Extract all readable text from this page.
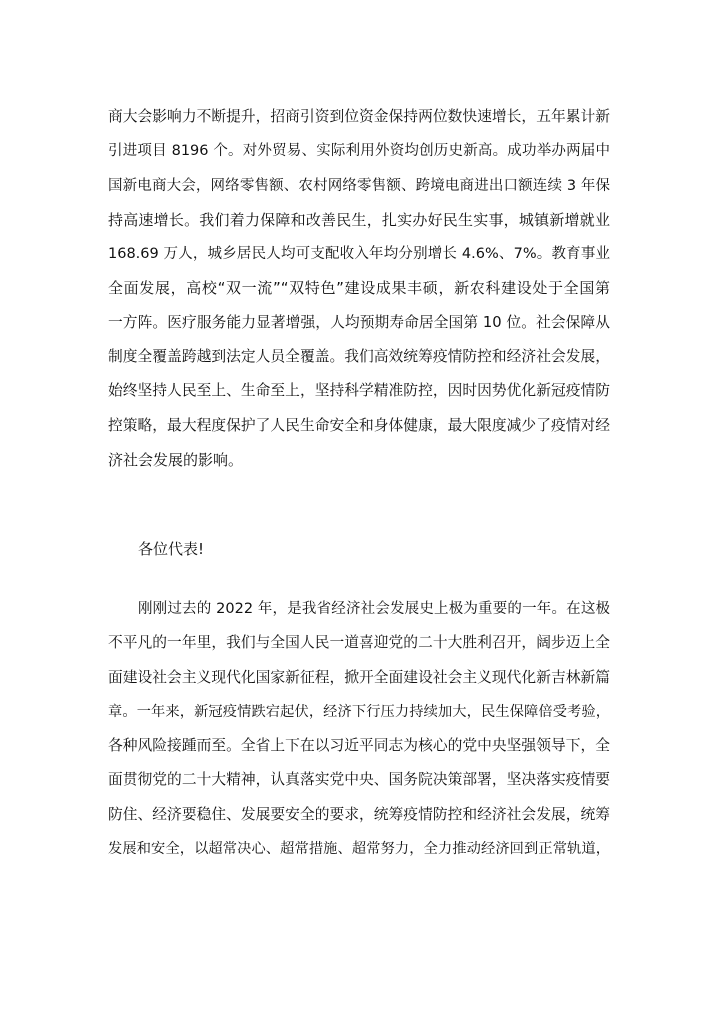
商大会影响力不断提升，招商引资到位资金保持两位数快速增长，五年累计新
引进项目 8196 个。对外贸易、实际利用外资均创历史新高。成功举办两届中
国新电商大会，网络零售额、农村网络零售额、跨境电商进出口额连续 3 年保
持高速增长。我们着力保障和改善民生，扎实办好民生实事，城镇新增就业
168.69 万人，城乡居民人均可支配收入年均分别增长 4.6%、7%。教育事业
全面发展，高校“双一流”“双特色”建设成果丰硕，新农科建设处于全国第
一方阵。医疗服务能力显著增强，人均预期寿命居全国第 10 位。社会保障从
制度全覆盖跨越到法定人员全覆盖。我们高效统筹疫情防控和经济社会发展，
始终坚持人民至上、生命至上，坚持科学精准防控，因时因势优化新冠疫情防
控策略，最大程度保护了人民生命安全和身体健康，最大限度减少了疫情对经
济社会发展的影响。
各位代表!
刚刚过去的 2022 年，是我省经济社会发展史上极为重要的一年。在这极
不平凡的一年里，我们与全国人民一道喜迎党的二十大胜利召开，阔步迈上全
面建设社会主义现代化国家新征程，掀开全面建设社会主义现代化新吉林新篇
章。一年来，新冠疫情跌宕起伏，经济下行压力持续加大，民生保障倍受考验，
各种风险接踵而至。全省上下在以习近平同志为核心的党中央坚强领导下，全
面贯彻党的二十大精神，认真落实党中央、国务院决策部署，坚决落实疫情要
防住、经济要稳住、发展要安全的要求，统筹疫情防控和经济社会发展，统筹
发展和安全，以超常决心、超常措施、超常努力，全力推动经济回到正常轨道，
